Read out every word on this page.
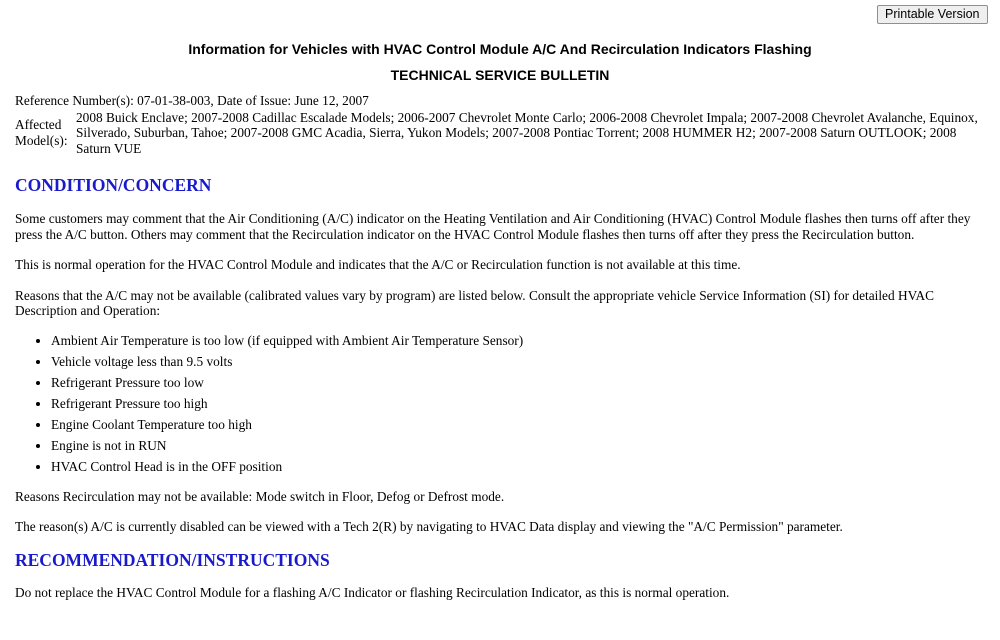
Printable Version
Information for Vehicles with HVAC Control Module A/C And Recirculation Indicators Flashing
TECHNICAL SERVICE BULLETIN

Reference Number(s): 07-01-38-003, Date of Issue: June 12, 2007

Affected Model(s):	2008 Buick Enclave; 2007-2008 Cadillac Escalade Models; 2006-2007 Chevrolet Monte Carlo; 2006-2008 Chevrolet Impala; 2007-2008 Chevrolet Avalanche, Equinox, Silverado, Suburban, Tahoe; 2007-2008 GMC Acadia, Sierra, Yukon Models; 2007-2008 Pontiac Torrent; 2008 HUMMER H2; 2007-2008 Saturn OUTLOOK; 2008 Saturn VUE
CONDITION/CONCERN

Some customers may comment that the Air Conditioning (A/C) indicator on the Heating Ventilation and Air Conditioning (HVAC) Control Module flashes then turns off after they press the A/C button. Others may comment that the Recirculation indicator on the HVAC Control Module flashes then turns off after they press the Recirculation button.

This is normal operation for the HVAC Control Module and indicates that the A/C or Recirculation function is not available at this time.

Reasons that the A/C may not be available (calibrated values vary by program) are listed below. Consult the appropriate vehicle Service Information (SI) for detailed HVAC Description and Operation:

• Ambient Air Temperature is too low (if equipped with Ambient Air Temperature Sensor)
• Vehicle voltage less than 9.5 volts
• Refrigerant Pressure too low
• Refrigerant Pressure too high
• Engine Coolant Temperature too high
• Engine is not in RUN
• HVAC Control Head is in the OFF position

Reasons Recirculation may not be available: Mode switch in Floor, Defog or Defrost mode.

The reason(s) A/C is currently disabled can be viewed with a Tech 2(R) by navigating to HVAC Data display and viewing the "A/C Permission" parameter.

RECOMMENDATION/INSTRUCTIONS

Do not replace the HVAC Control Module for a flashing A/C Indicator or flashing Recirculation Indicator, as this is normal operation.
